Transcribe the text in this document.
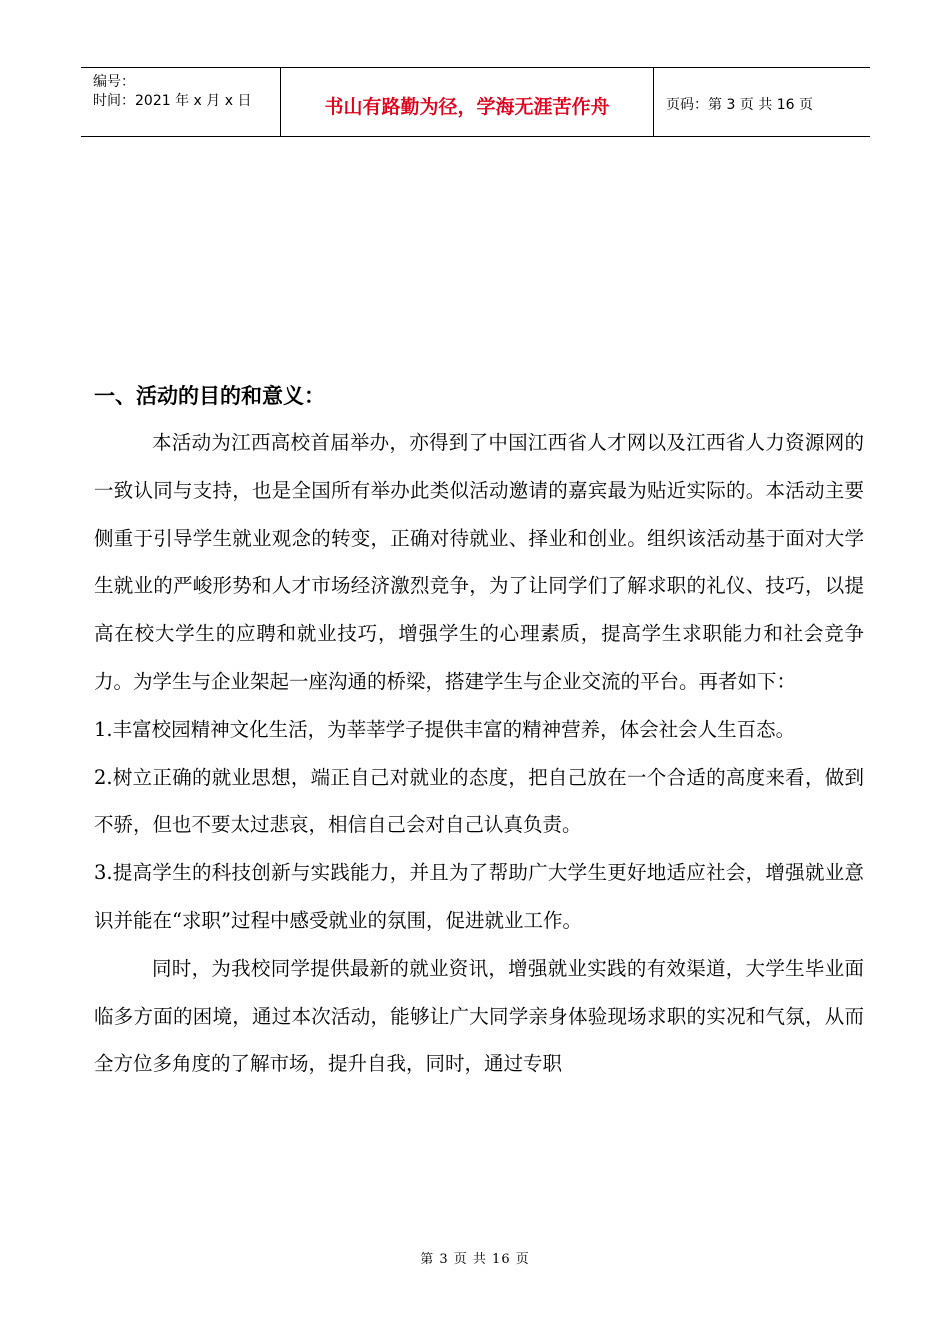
编号：
时间：2021 年 x 月 x 日	书山有路勤为径，学海无涯苦作舟	页码：第 3 页 共 16 页
一、活动的目的和意义：

本活动为江西高校首届举办，亦得到了中国江西省人才网以及江西省人力资源网的一致认同与支持，也是全国所有举办此类似活动邀请的嘉宾最为贴近实际的。本活动主要侧重于引导学生就业观念的转变，正确对待就业、择业和创业。组织该活动基于面对大学生就业的严峻形势和人才市场经济激烈竞争，为了让同学们了解求职的礼仪、技巧，以提高在校大学生的应聘和就业技巧，增强学生的心理素质，提高学生求职能力和社会竞争力。为学生与企业架起一座沟通的桥梁，搭建学生与企业交流的平台。再者如下：

1.丰富校园精神文化生活，为莘莘学子提供丰富的精神营养，体会社会人生百态。

2.树立正确的就业思想，端正自己对就业的态度，把自己放在一个合适的高度来看，做到不骄，但也不要太过悲哀，相信自己会对自己认真负责。

3.提高学生的科技创新与实践能力，并且为了帮助广大学生更好地适应社会，增强就业意识并能在“求职”过程中感受就业的氛围，促进就业工作。

同时，为我校同学提供最新的就业资讯，增强就业实践的有效渠道，大学生毕业面临多方面的困境，通过本次活动，能够让广大同学亲身体验现场求职的实况和气氛，从而全方位多角度的了解市场，提升自我，同时，通过专职

第 3 页 共 16 页
